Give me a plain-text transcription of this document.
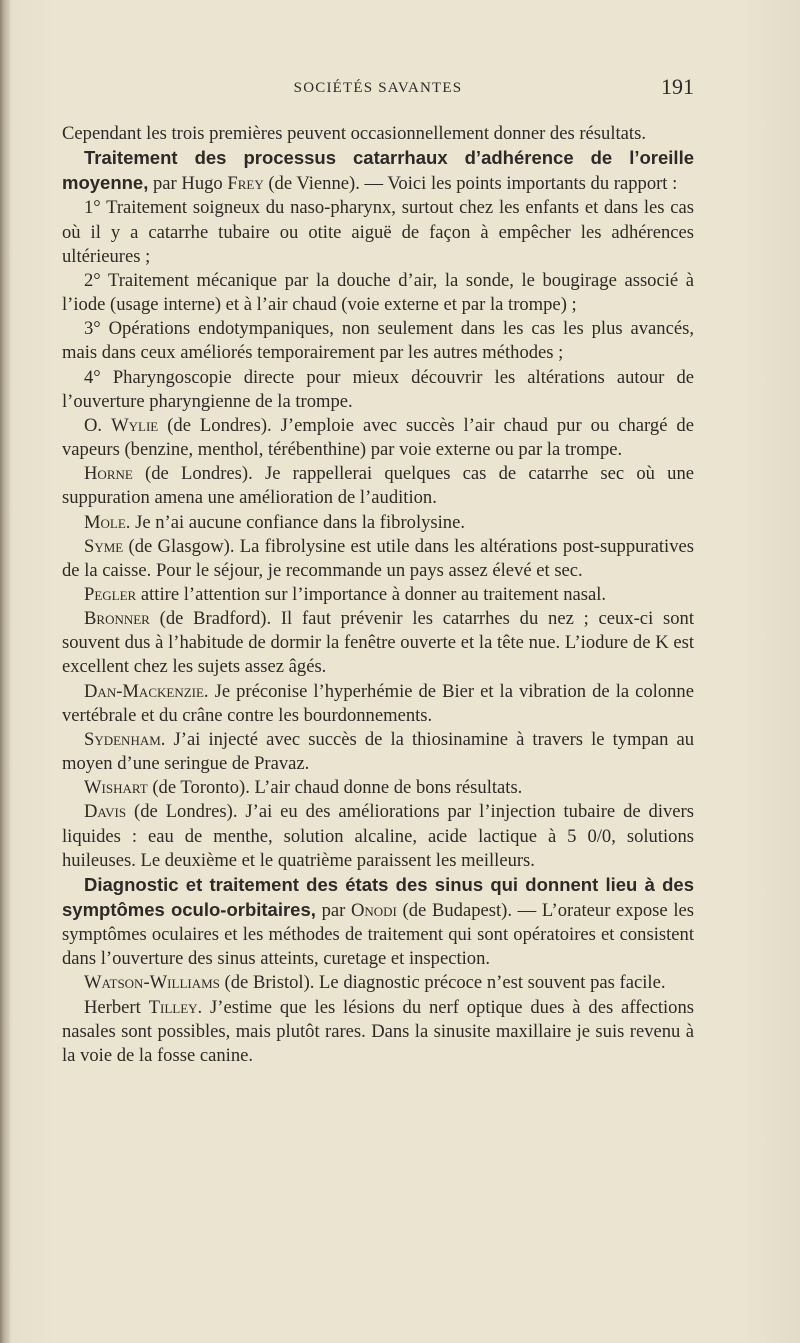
SOCIÉTÉS SAVANTES	191

Cependant les trois premières peuvent occasionnellement donner des résultats.

Traitement des processus catarrhaux d’adhérence de l’oreille moyenne, par Hugo Frey (de Vienne). — Voici les points importants du rapport :

1° Traitement soigneux du naso-pharynx, surtout chez les enfants et dans les cas où il y a catarrhe tubaire ou otite aiguë de façon à empêcher les adhérences ultérieures ;

2° Traitement mécanique par la douche d’air, la sonde, le bougirage associé à l’iode (usage interne) et à l’air chaud (voie externe et par la trompe) ;

3° Opérations endotympaniques, non seulement dans les cas les plus avancés, mais dans ceux améliorés temporairement par les autres méthodes ;

4° Pharyngoscopie directe pour mieux découvrir les altérations autour de l’ouverture pharyngienne de la trompe.

O. Wylie (de Londres). J’emploie avec succès l’air chaud pur ou chargé de vapeurs (benzine, menthol, térébenthine) par voie externe ou par la trompe.

Horne (de Londres). Je rappellerai quelques cas de catarrhe sec où une suppuration amena une amélioration de l’audition.

Mole. Je n’ai aucune confiance dans la fibrolysine.

Syme (de Glasgow). La fibrolysine est utile dans les altérations post-suppuratives de la caisse. Pour le séjour, je recommande un pays assez élevé et sec.

Pegler attire l’attention sur l’importance à donner au traitement nasal.

Bronner (de Bradford). Il faut prévenir les catarrhes du nez ; ceux-ci sont souvent dus à l’habitude de dormir la fenêtre ouverte et la tête nue. L’iodure de K est excellent chez les sujets assez âgés.

Dan-Mackenzie. Je préconise l’hyperhémie de Bier et la vibration de la colonne vertébrale et du crâne contre les bourdonnements.

Sydenham. J’ai injecté avec succès de la thiosinamine à travers le tympan au moyen d’une seringue de Pravaz.

Wishart (de Toronto). L’air chaud donne de bons résultats.

Davis (de Londres). J’ai eu des améliorations par l’injection tubaire de divers liquides : eau de menthe, solution alcaline, acide lactique à 5 0/0, solutions huileuses. Le deuxième et le quatrième paraissent les meilleurs.

Diagnostic et traitement des états des sinus qui donnent lieu à des symptômes oculo-orbitaires, par Onodi (de Budapest). — L’orateur expose les symptômes oculaires et les méthodes de traitement qui sont opératoires et consistent dans l’ouverture des sinus atteints, curetage et inspection.

Watson-Williams (de Bristol). Le diagnostic précoce n’est souvent pas facile.

Herbert Tilley. J’estime que les lésions du nerf optique dues à des affections nasales sont possibles, mais plutôt rares. Dans la sinusite maxillaire je suis revenu à la voie de la fosse canine.
